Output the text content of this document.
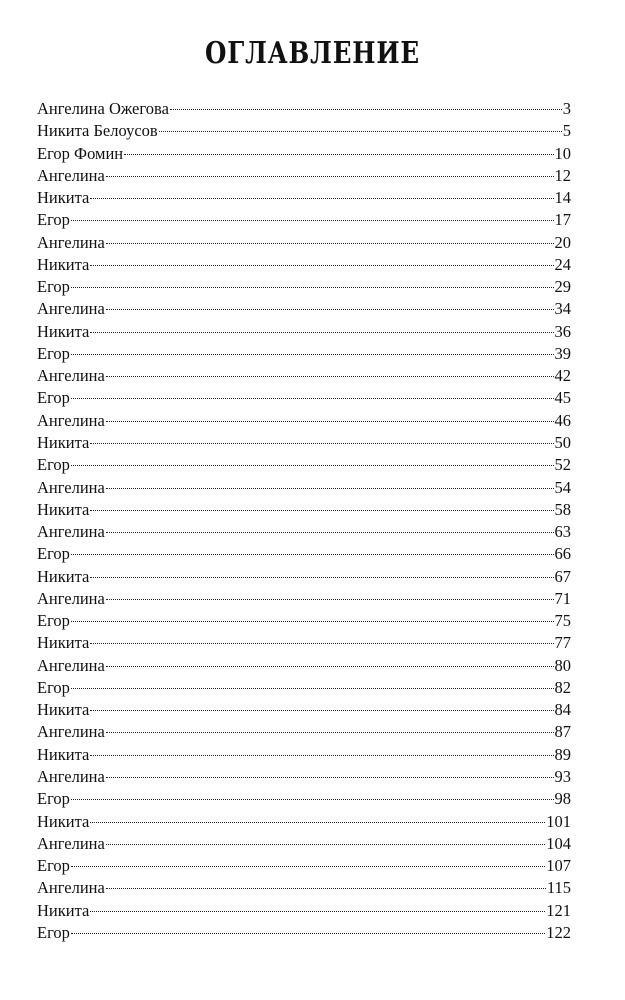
ОГЛАВЛЕНИЕ
Ангелина Ожегова	3
Никита Белоусов	5
Егор Фомин	10
Ангелина	12
Никита	14
Егор	17
Ангелина	20
Никита	24
Егор	29
Ангелина	34
Никита	36
Егор	39
Ангелина	42
Егор	45
Ангелина	46
Никита	50
Егор	52
Ангелина	54
Никита	58
Ангелина	63
Егор	66
Никита	67
Ангелина	71
Егор	75
Никита	77
Ангелина	80
Егор	82
Никита	84
Ангелина	87
Никита	89
Ангелина	93
Егор	98
Никита	101
Ангелина	104
Егор	107
Ангелина	115
Никита	121
Егор	122
